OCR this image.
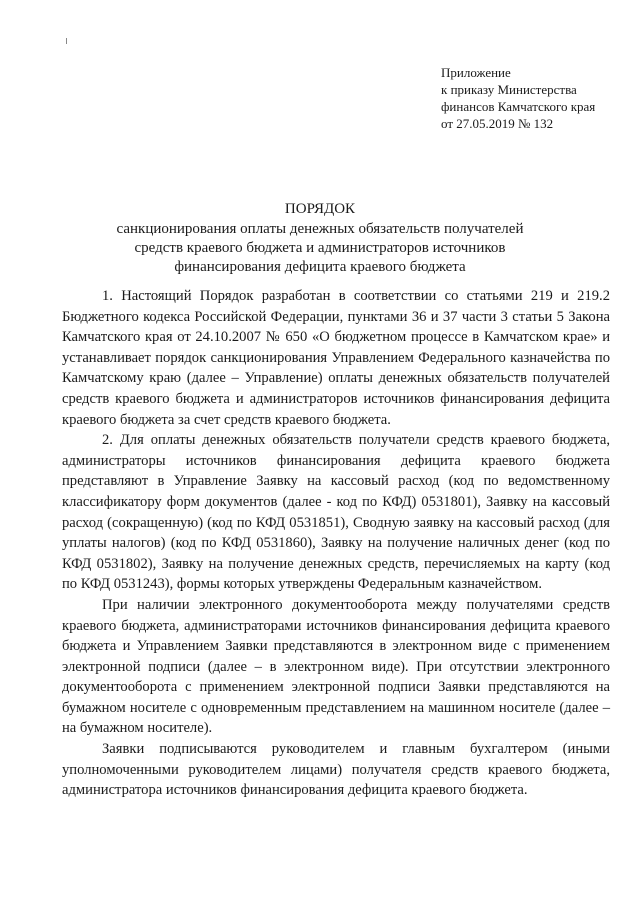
Приложение
к приказу Министерства
финансов Камчатского края
от 27.05.2019 № 132
ПОРЯДОК
санкционирования оплаты денежных обязательств получателей
средств краевого бюджета и администраторов источников
финансирования дефицита краевого бюджета

1. Настоящий Порядок разработан в соответствии со статьями 219 и 219.2 Бюджетного кодекса Российской Федерации, пунктами 36 и 37 части 3 статьи 5 Закона Камчатского края от 24.10.2007 № 650 «О бюджетном процессе в Камчатском крае» и устанавливает порядок санкционирования Управлением Федерального казначейства по Камчатскому краю (далее – Управление) оплаты денежных обязательств получателей средств краевого бюджета и администраторов источников финансирования дефицита краевого бюджета за счет средств краевого бюджета.

2. Для оплаты денежных обязательств получатели средств краевого бюджета, администраторы источников финансирования дефицита краевого бюджета представляют в Управление Заявку на кассовый расход (код по ведомственному классификатору форм документов (далее - код по КФД) 0531801), Заявку на кассовый расход (сокращенную) (код по КФД 0531851), Сводную заявку на кассовый расход (для уплаты налогов) (код по КФД 0531860), Заявку на получение наличных денег (код по КФД 0531802), Заявку на получение денежных средств, перечисляемых на карту (код по КФД 0531243), формы которых утверждены Федеральным казначейством.

При наличии электронного документооборота между получателями средств краевого бюджета, администраторами источников финансирования дефицита краевого бюджета и Управлением Заявки представляются в электронном виде с применением электронной подписи (далее – в электронном виде). При отсутствии электронного документооборота с применением электронной подписи Заявки представляются на бумажном носителе с одновременным представлением на машинном носителе (далее – на бумажном носителе).

Заявки подписываются руководителем и главным бухгалтером (иными уполномоченными руководителем лицами) получателя средств краевого бюджета, администратора источников финансирования дефицита краевого бюджета.
